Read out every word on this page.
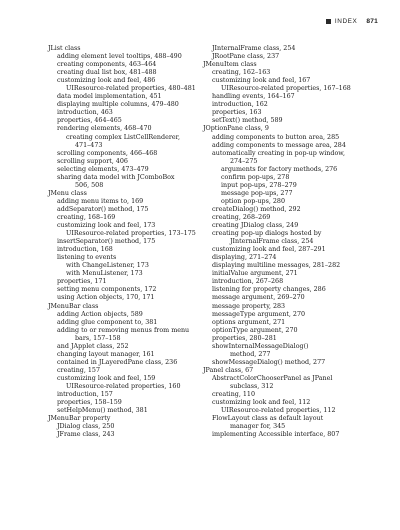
INDEX 871
JList class
adding element level tooltips, 488–490
creating components, 463–464
creating dual list box, 481–488
customizing look and feel, 486
UIResource-related properties, 480–481
data model implementation, 451
displaying multiple columns, 479–480
introduction, 463
properties, 464–465
rendering elements, 468–470
creating complex ListCellRenderer,
471–473
scrolling components, 466–468
scrolling support, 406
selecting elements, 473–479
sharing data model with JComboBox
506, 508
JMenu class
adding menu items to, 169
addSeparator() method, 175
creating, 168–169
customizing look and feel, 173
UIResource-related properties, 173–175
insertSeparator() method, 175
introduction, 168
listening to events
with ChangeListener, 173
with MenuListener, 173
properties, 171
setting menu components, 172
using Action objects, 170, 171
JMenuBar class
adding Action objects, 589
adding glue component to, 381
adding to or removing menus from menu
bars, 157–158
and JApplet class, 252
changing layout manager, 161
contained in JLayeredPane class, 236
creating, 157
customizing look and feel, 159
UIResource-related properties, 160
introduction, 157
properties, 158–159
setHelpMenu() method, 381
JMenuBar property
JDialog class, 250
JFrame class, 243
JInternalFrame class, 254
JRootPane class, 237
JMenuItem class
creating, 162–163
customizing look and feel, 167
UIResource-related properties, 167–168
handling events, 164–167
introduction, 162
properties, 163
setText() method, 589
JOptionPane class, 9
adding components to button area, 285
adding components to message area, 284
automatically creating in pop-up window,
274–275
arguments for factory methods, 276
confirm pop-ups, 278
input pop-ups, 278–279
message pop-ups, 277
option pop-ups, 280
createDialog() method, 292
creating, 268–269
creating JDialog class, 249
creating pop-up dialogs hosted by
JInternalFrame class, 254
customizing look and feel, 287–291
displaying, 271–274
displaying multiline messages, 281–282
initialValue argument, 271
introduction, 267–268
listening for property changes, 286
message argument, 269–270
message property, 283
messageType argument, 270
options argument, 271
optionType argument, 270
properties, 280–281
showInternalMessageDialog()
method, 277
showMessageDialog() method, 277
JPanel class, 67
AbstractColorChooserPanel as JPanel
subclass, 312
creating, 110
customizing look and feel, 112
UIResource-related properties, 112
FlowLayout class as default layout
manager for, 345
implementing Accessible interface, 807
